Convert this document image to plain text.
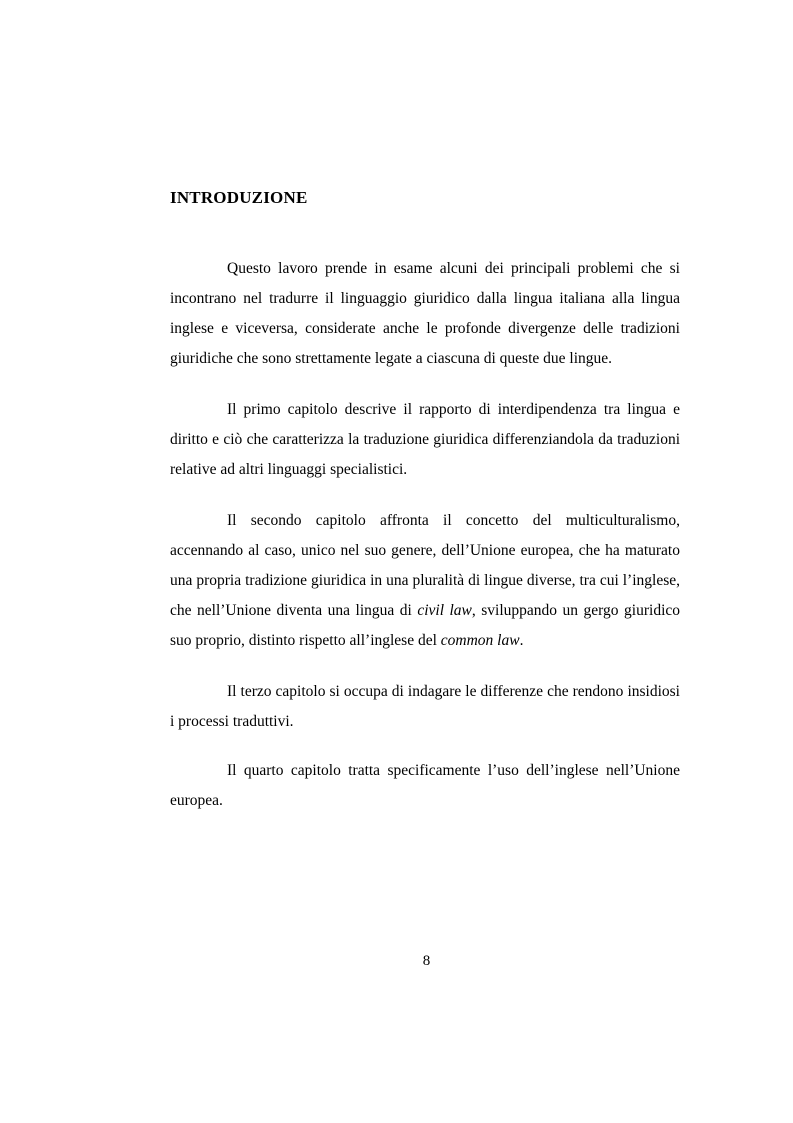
INTRODUZIONE

Questo lavoro prende in esame alcuni dei principali problemi che si incontrano nel tradurre il linguaggio giuridico dalla lingua italiana alla lingua inglese e viceversa, considerate anche le profonde divergenze delle tradizioni giuridiche che sono strettamente legate a ciascuna di queste due lingue.

Il primo capitolo descrive il rapporto di interdipendenza tra lingua e diritto e ciò che caratterizza la traduzione giuridica differenziandola da traduzioni relative ad altri linguaggi specialistici.

Il secondo capitolo affronta il concetto del multiculturalismo, accennando al caso, unico nel suo genere, dell’Unione europea, che ha maturato una propria tradizione giuridica in una pluralità di lingue diverse, tra cui l’inglese, che nell’Unione diventa una lingua di civil law, sviluppando un gergo giuridico suo proprio, distinto rispetto all’inglese del common law.

Il terzo capitolo si occupa di indagare le differenze che rendono insidiosi i processi traduttivi.

Il quarto capitolo tratta specificamente l’uso dell’inglese nell’Unione europea.

8
